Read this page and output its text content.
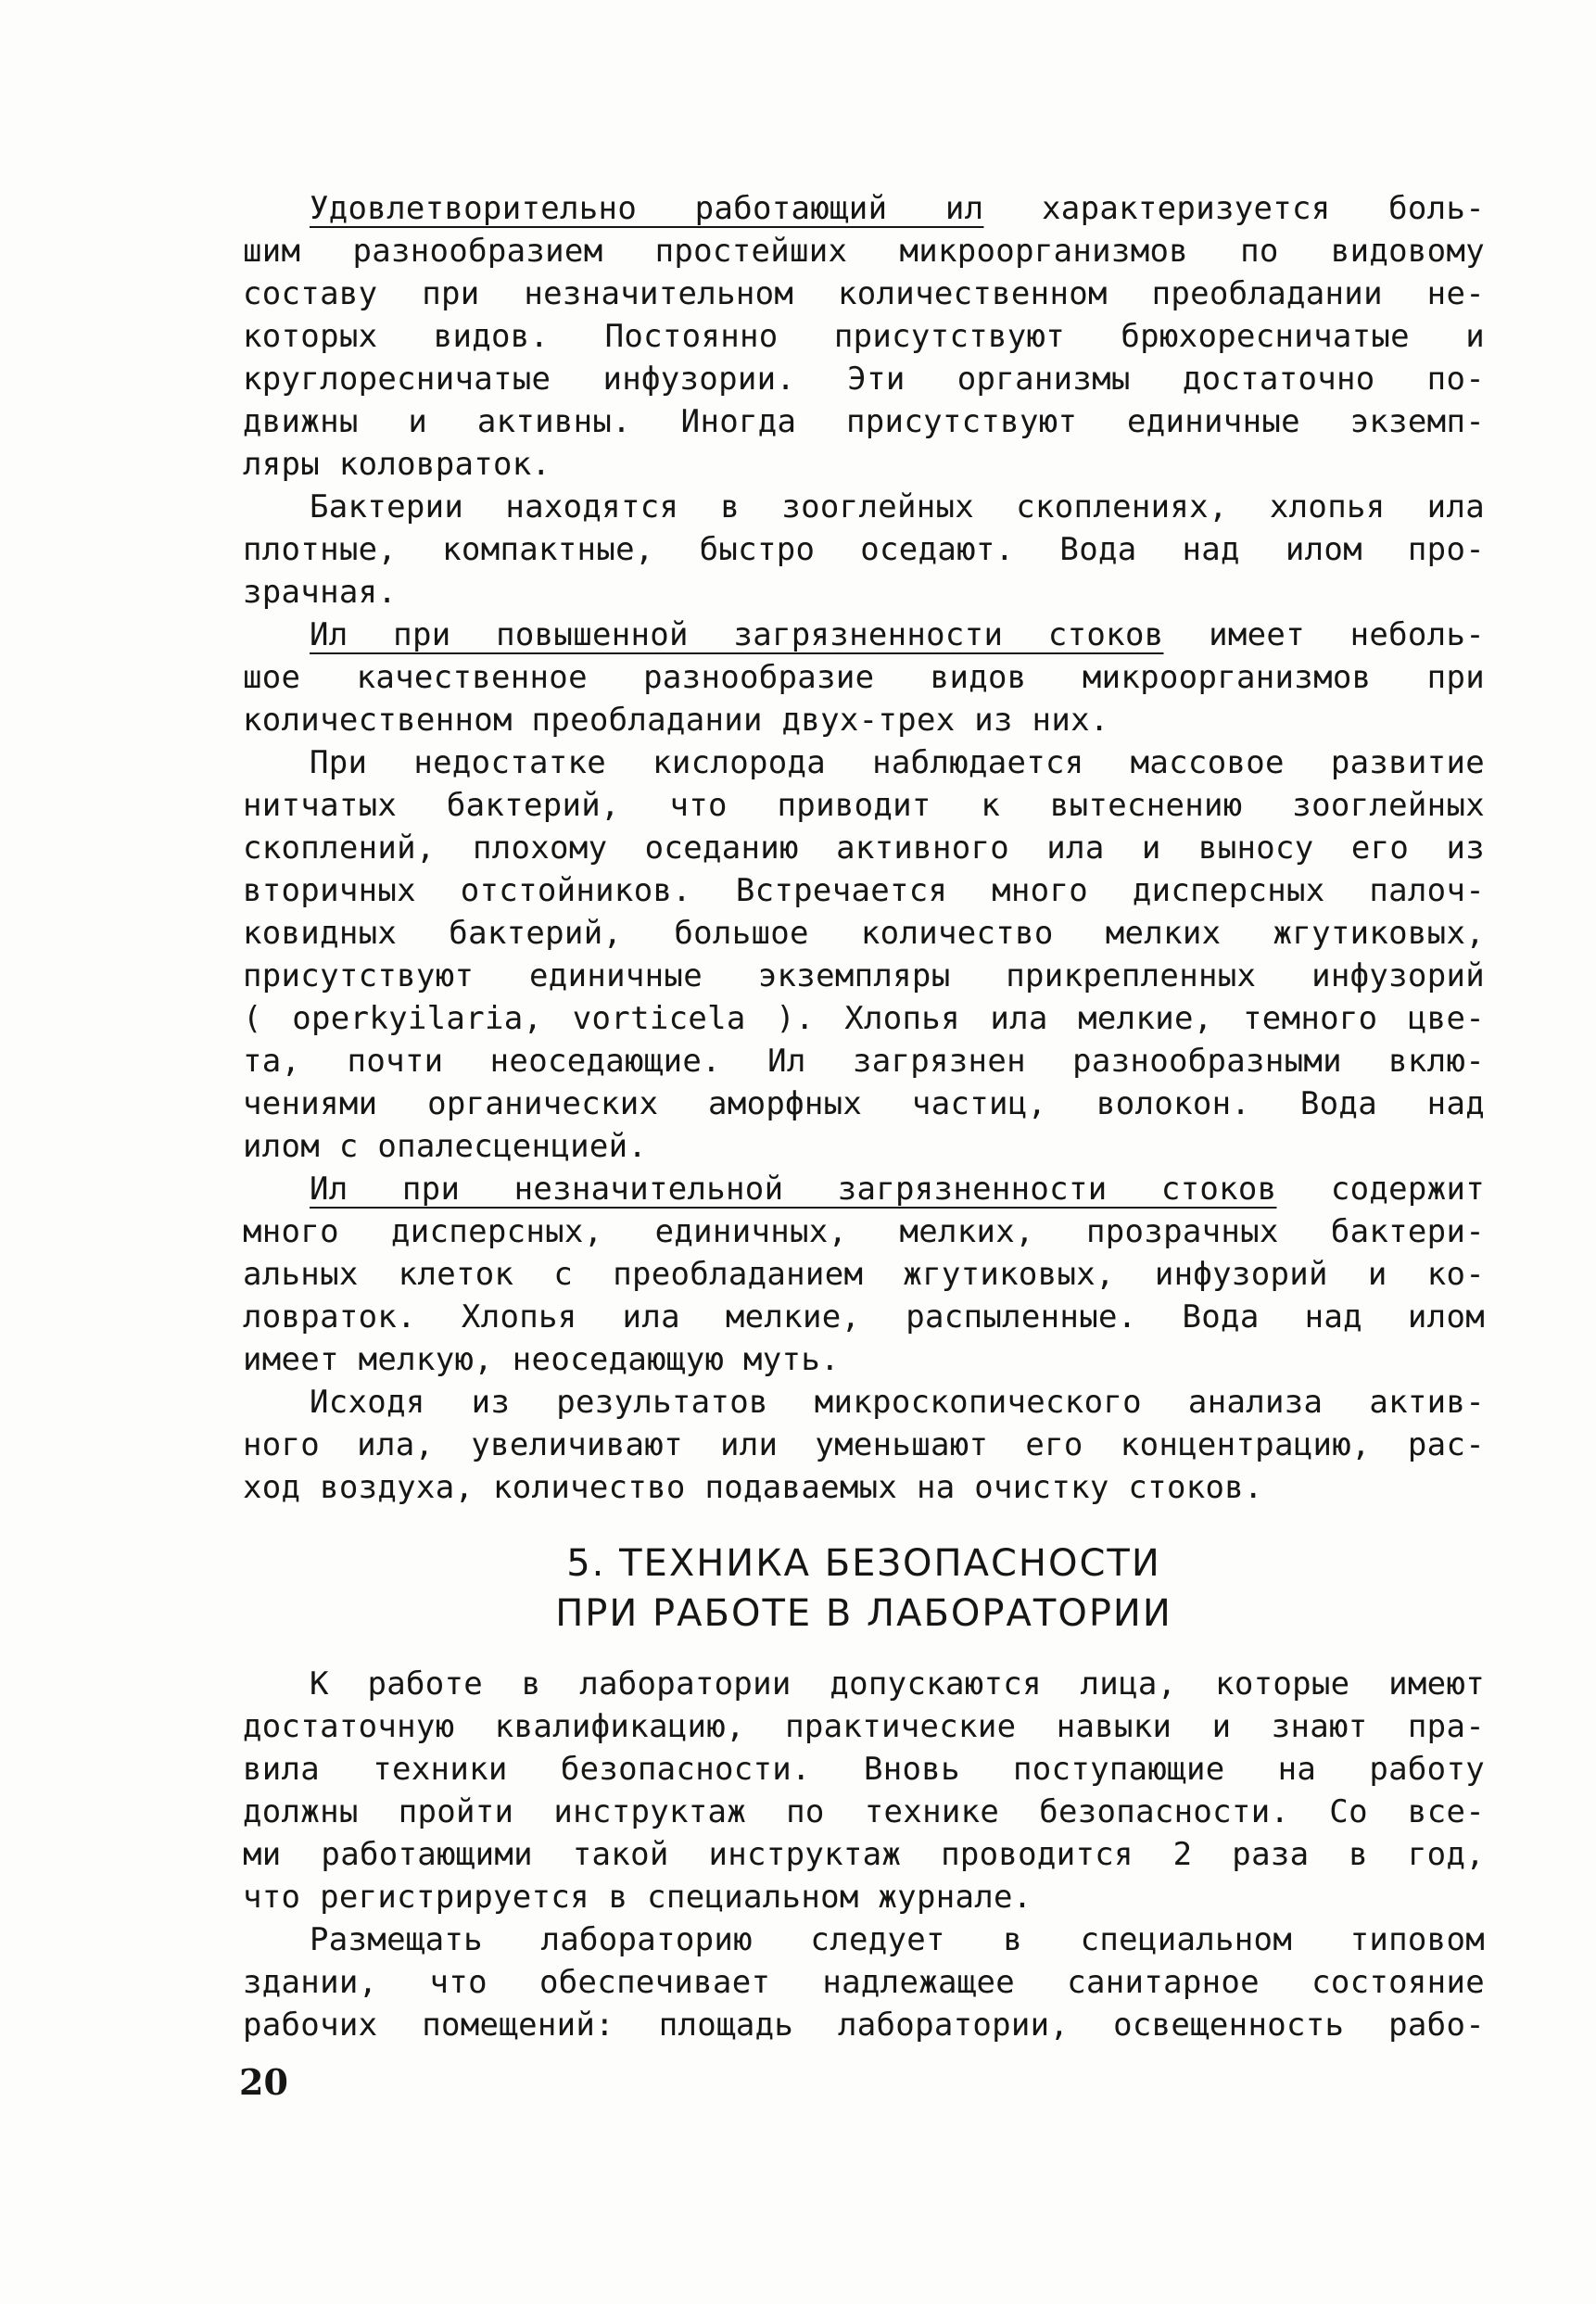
Удовлетворительно работающий ил характеризуется боль-
шим разнообразием простейших микроорганизмов по видовому
составу при незначительном количественном преобладании не-
которых видов. Постоянно присутствуют брюхоресничатые и
круглоресничатые инфузории. Эти организмы достаточно по-
движны и активны. Иногда присутствуют единичные экземп-
ляры коловраток.
Бактерии находятся в зооглейных скоплениях, хлопья ила
плотные, компактные, быстро оседают. Вода над илом про-
зрачная.
Ил при повышенной загрязненности стоков имеет неболь-
шое качественное разнообразие видов микроорганизмов при
количественном преобладании двух-трех из них.
При недостатке кислорода наблюдается массовое развитие
нитчатых бактерий, что приводит к вытеснению зооглейных
скоплений, плохому оседанию активного ила и выносу его из
вторичных отстойников. Встречается много дисперсных палоч-
ковидных бактерий, большое количество мелких жгутиковых,
присутствуют единичные экземпляры прикрепленных инфузорий
( operkyilaria, vorticela ). Хлопья ила мелкие, темного цве-
та, почти неоседающие. Ил загрязнен разнообразными вклю-
чениями органических аморфных частиц, волокон. Вода над
илом с опалесценцией.
Ил при незначительной загрязненности стоков содержит
много дисперсных, единичных, мелких, прозрачных бактери-
альных клеток с преобладанием жгутиковых, инфузорий и ко-
ловраток. Хлопья ила мелкие, распыленные. Вода над илом
имеет мелкую, неоседающую муть.
Исходя из результатов микроскопического анализа актив-
ного ила, увеличивают или уменьшают его концентрацию, рас-
ход воздуха, количество подаваемых на очистку стоков.
5. ТЕХНИКА БЕЗОПАСНОСТИ
ПРИ РАБОТЕ В ЛАБОРАТОРИИ
К работе в лаборатории допускаются лица, которые имеют
достаточную квалификацию, практические навыки и знают пра-
вила техники безопасности. Вновь поступающие на работу
должны пройти инструктаж по технике безопасности. Со все-
ми работающими такой инструктаж проводится 2 раза в год,
что регистрируется в специальном журнале.
Размещать лабораторию следует в специальном типовом
здании, что обеспечивает надлежащее санитарное состояние
рабочих помещений: площадь лаборатории, освещенность рабо-
20
